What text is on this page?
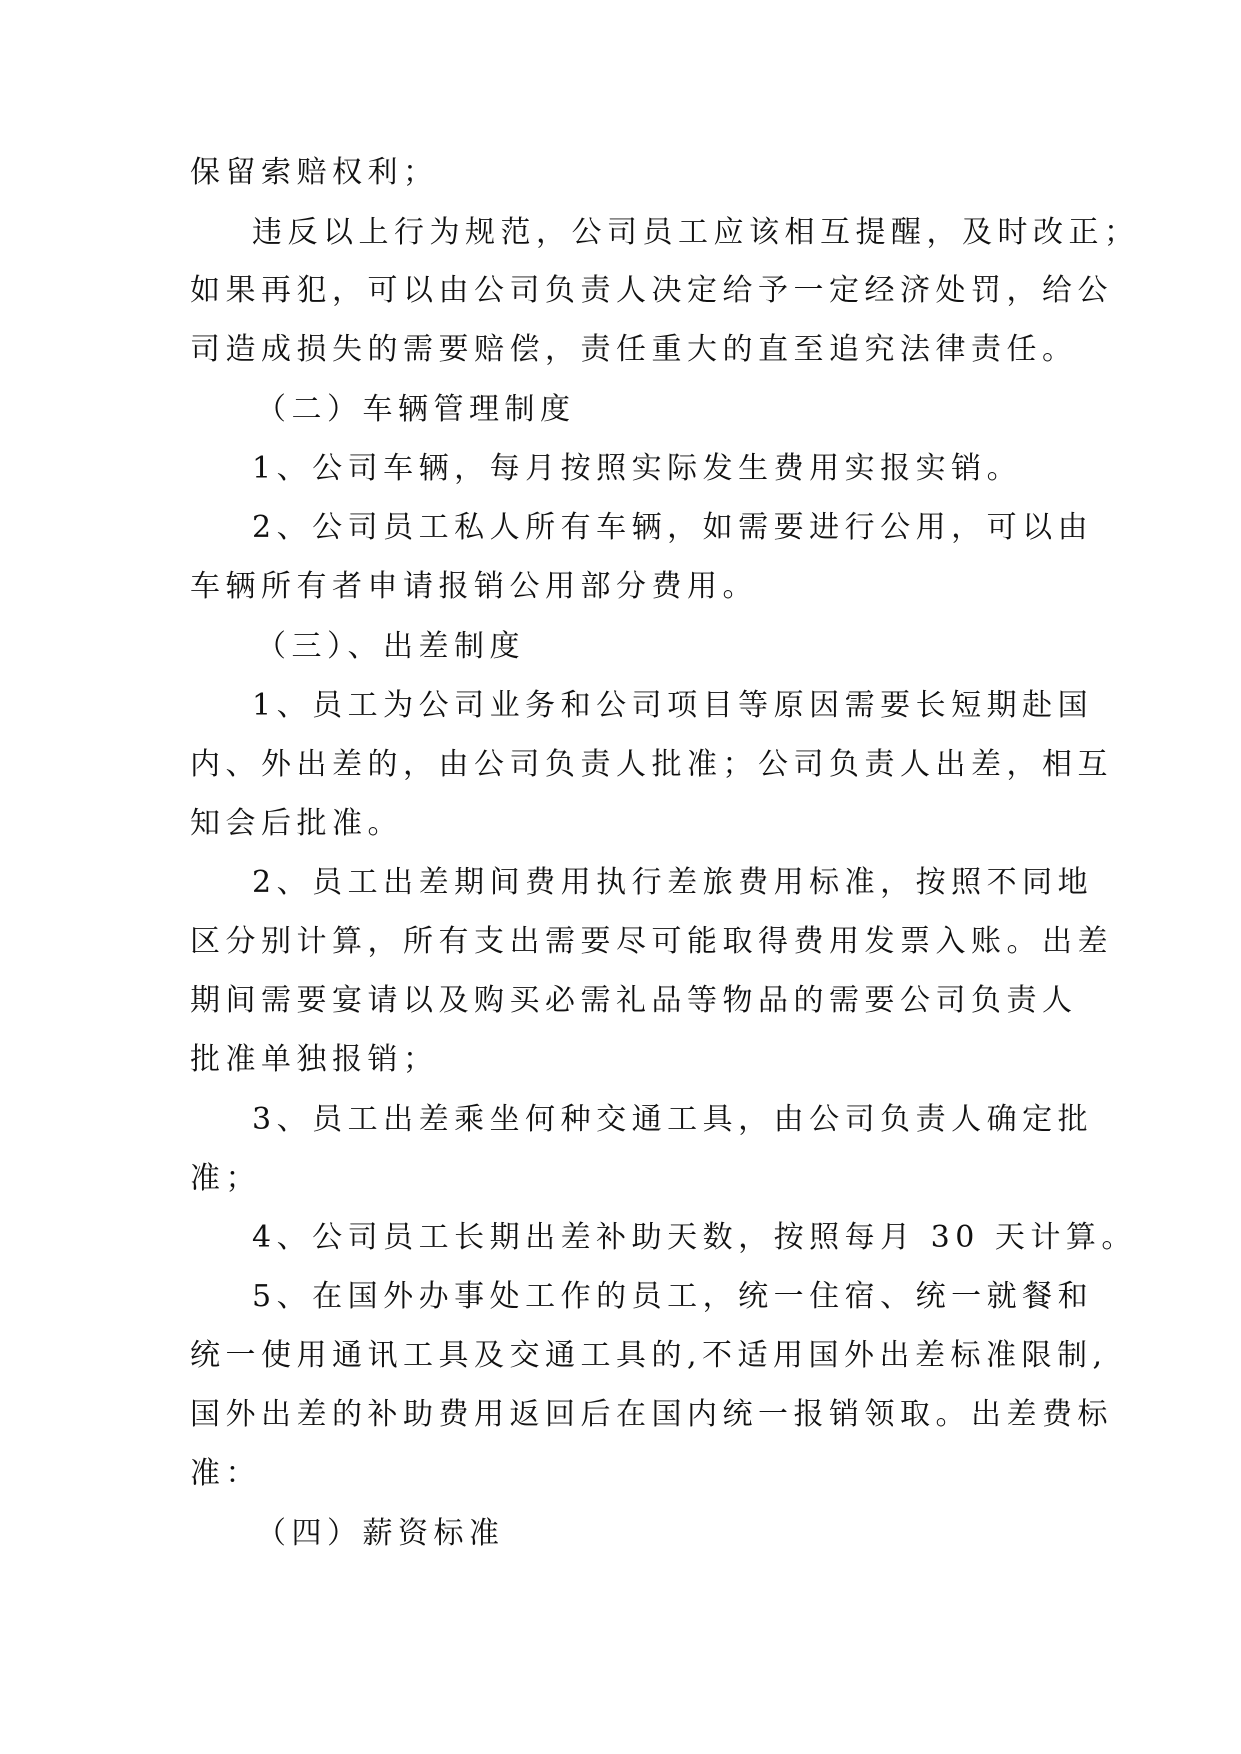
保留索赔权利；
违反以上行为规范，公司员工应该相互提醒，及时改正；
如果再犯，可以由公司负责人决定给予一定经济处罚，给公
司造成损失的需要赔偿，责任重大的直至追究法律责任。
（二）车辆管理制度
1、公司车辆，每月按照实际发生费用实报实销。
2、公司员工私人所有车辆，如需要进行公用，可以由
车辆所有者申请报销公用部分费用。
（三）、出差制度
1、员工为公司业务和公司项目等原因需要长短期赴国
内、外出差的，由公司负责人批准；公司负责人出差，相互
知会后批准。
2、员工出差期间费用执行差旅费用标准，按照不同地
区分别计算，所有支出需要尽可能取得费用发票入账。出差
期间需要宴请以及购买必需礼品等物品的需要公司负责人
批准单独报销；
3、员工出差乘坐何种交通工具，由公司负责人确定批
准；
4、公司员工长期出差补助天数，按照每月 30 天计算。
5、在国外办事处工作的员工，统一住宿、统一就餐和
统一使用通讯工具及交通工具的,不适用国外出差标准限制,
国外出差的补助费用返回后在国内统一报销领取。出差费标
准：
（四）薪资标准
